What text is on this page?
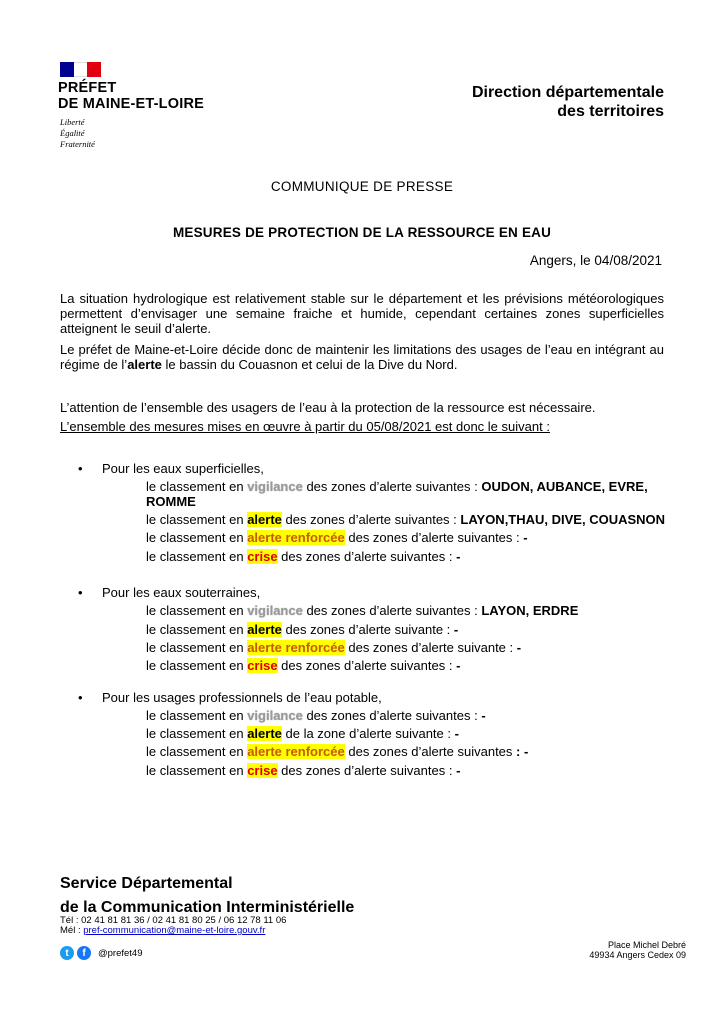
PRÉFET
DE MAINE-ET-LOIRE
Liberté
Égalité
Fraternité
Direction départementale
des territoires
COMMUNIQUE DE PRESSE
MESURES DE PROTECTION DE LA RESSOURCE EN EAU
Angers, le 04/08/2021
La situation hydrologique est relativement stable sur le département et les prévisions météorologiques permettent d’envisager une semaine fraiche et humide, cependant certaines zones superficielles atteignent le seuil d’alerte.
Le préfet de Maine-et-Loire décide donc de maintenir les limitations des usages de l’eau en intégrant au régime de l’alerte le bassin du Couasnon et celui de la Dive du Nord.
L’attention de l’ensemble des usagers de l’eau à la protection de la ressource est nécessaire.
L’ensemble des mesures mises en œuvre à partir du 05/08/2021 est donc le suivant :
• Pour les eaux superficielles,
le classement en vigilance des zones d’alerte suivantes : OUDON, AUBANCE, EVRE,
ROMME
le classement en alerte des zones d’alerte suivantes : LAYON,THAU, DIVE, COUASNON
le classement en alerte renforcée des zones d’alerte suivantes : -
le classement en crise des zones d’alerte suivantes : -
• Pour les eaux souterraines,
le classement en vigilance des zones d’alerte suivantes : LAYON, ERDRE
le classement en alerte des zones d’alerte suivante : -
le classement en alerte renforcée des zones d’alerte suivante : -
le classement en crise des zones d’alerte suivantes : -
• Pour les usages professionnels de l’eau potable,
le classement en vigilance des zones d’alerte suivantes : -
le classement en alerte de la zone d’alerte suivante : -
le classement en alerte renforcée des zones d’alerte suivantes : -
le classement en crise des zones d’alerte suivantes : -
Service Départemental
de la Communication Interministérielle
Tél : 02 41 81 81 36 / 02 41 81 80 25 / 06 12 78 11 06
Mél : pref-communication@maine-et-loire.gouv.fr
t	f	@prefet49
Place Michel Debré
49934 Angers Cedex 09
